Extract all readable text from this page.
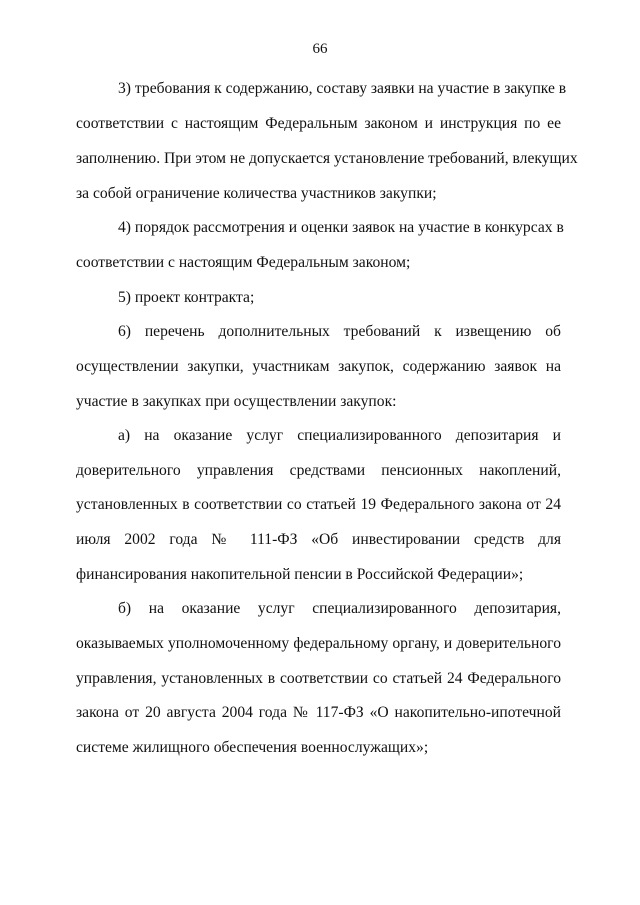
66
3) требования к содержанию, составу заявки на участие в закупке в
соответствии с настоящим Федеральным законом и инструкция по ее
заполнению. При этом не допускается установление требований, влекущих
за собой ограничение количества участников закупки;
4) порядок рассмотрения и оценки заявок на участие в конкурсах в
соответствии с настоящим Федеральным законом;
5) проект контракта;
6) перечень дополнительных требований к извещению об
осуществлении закупки, участникам закупок, содержанию заявок на
участие в закупках при осуществлении закупок:
а) на оказание услуг специализированного депозитария и
доверительного управления средствами пенсионных накоплений,
установленных в соответствии со статьей 19 Федерального закона от 24
июля 2002 года № 111-ФЗ «Об инвестировании средств для
финансирования накопительной пенсии в Российской Федерации»;
б) на оказание услуг специализированного депозитария,
оказываемых уполномоченному федеральному органу, и доверительного
управления, установленных в соответствии со статьей 24 Федерального
закона от 20 августа 2004 года № 117-ФЗ «О накопительно-ипотечной
системе жилищного обеспечения военнослужащих»;
